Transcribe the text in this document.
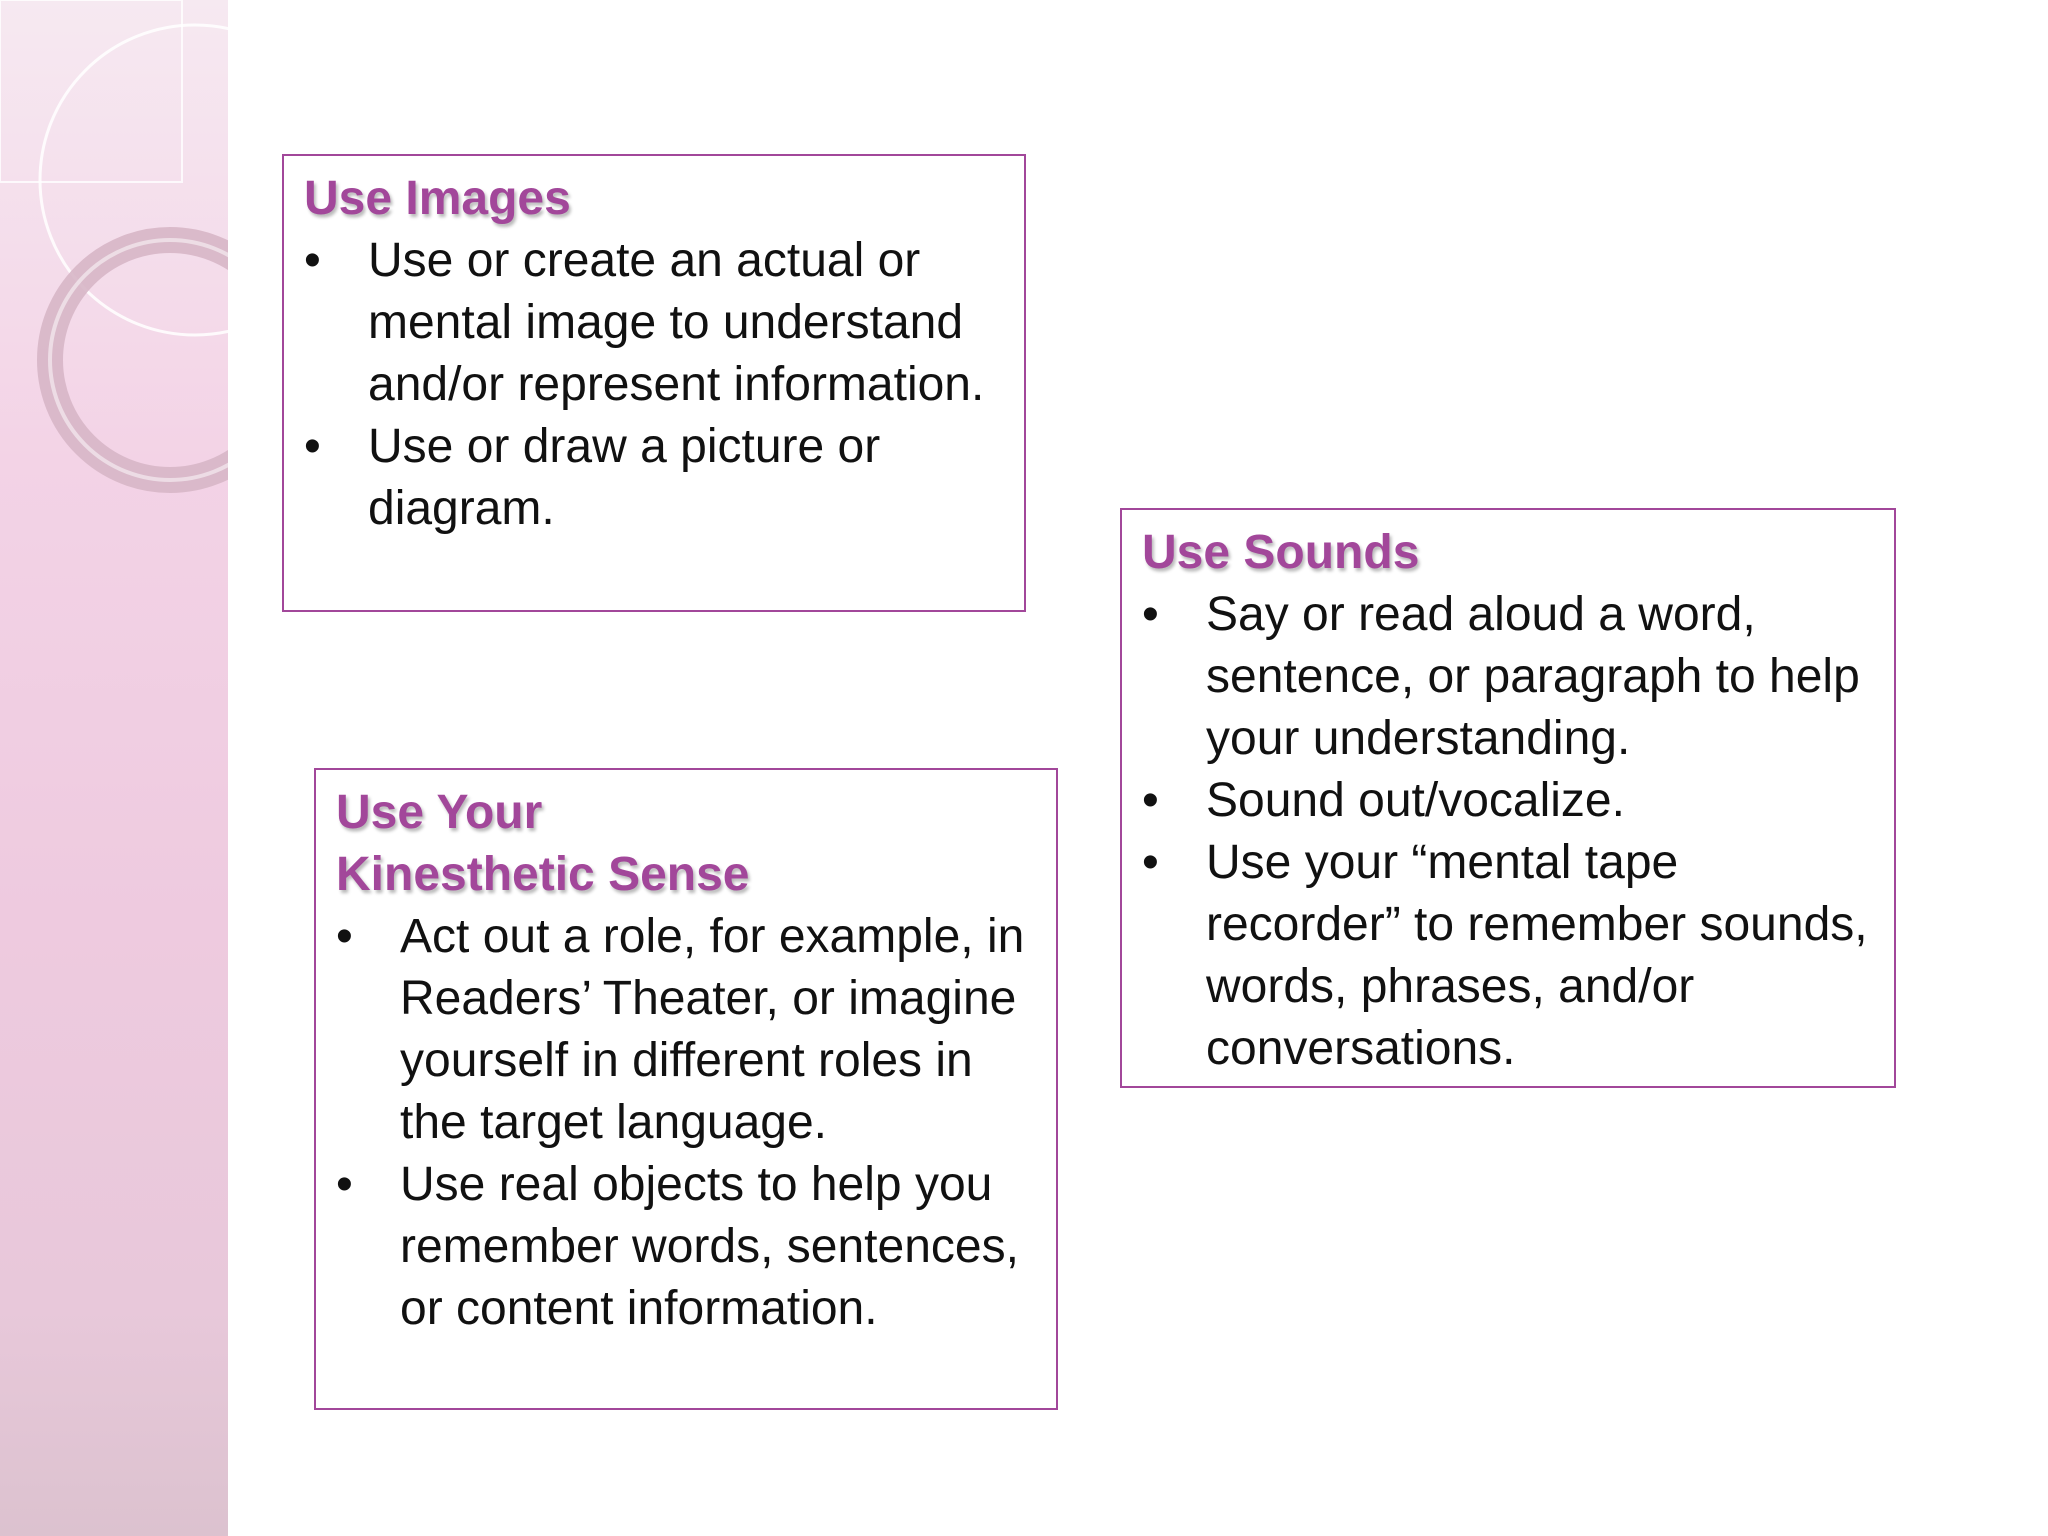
Use Images
• Use or create an actual or mental image to understand and/or represent information.
• Use or draw a picture or diagram.
Use Sounds
• Say or read aloud a word, sentence, or paragraph to help your understanding.
• Sound out/vocalize.
• Use your “mental tape recorder” to remember sounds, words, phrases, and/or conversations.
Use Your
Kinesthetic Sense
• Act out a role, for example, in Readers’ Theater, or imagine yourself in different roles in the target language.
• Use real objects to help you remember words, sentences, or content information.
